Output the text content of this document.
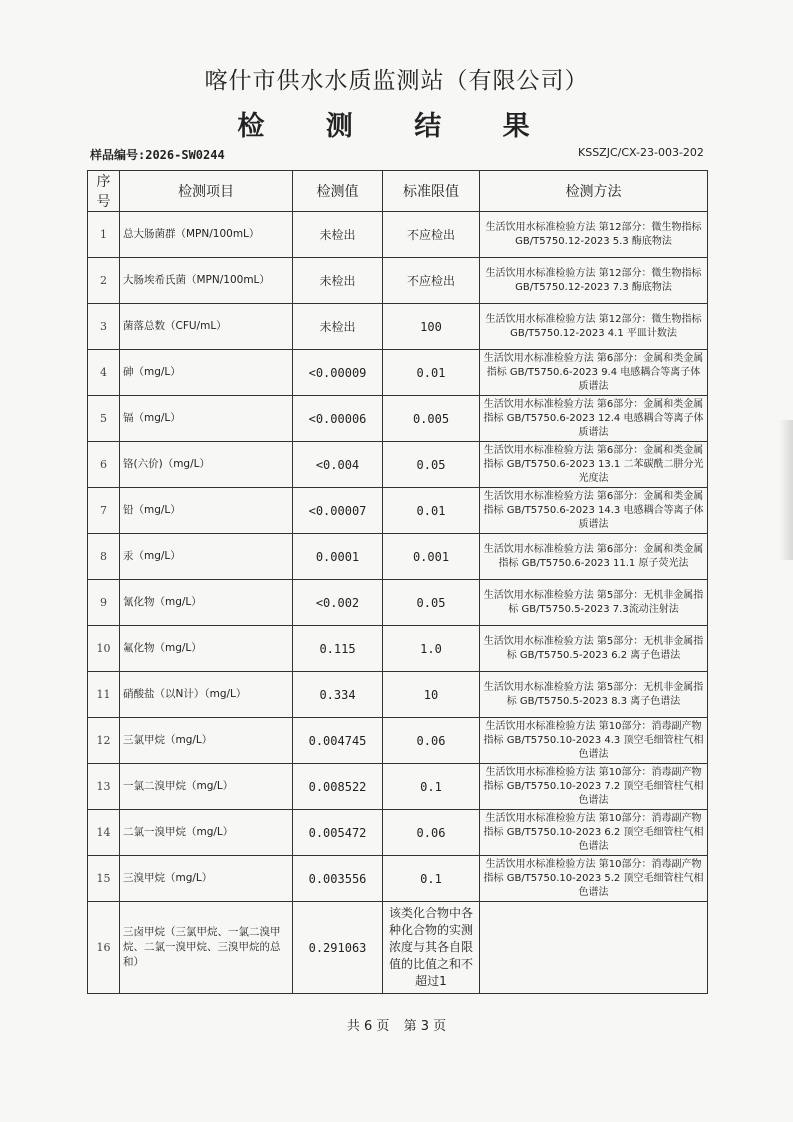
喀什市供水水质监测站（有限公司）
检 测 结 果
样品编号:2026-SW0244	KSSZJC/CX-23-003-202
序号	检测项目	检测值	标准限值	检测方法
1	总大肠菌群（MPN/100mL）	未检出	不应检出	生活饮用水标准检验方法 第12部分：微生物指标 GB/T5750.12-2023 5.3 酶底物法
2	大肠埃希氏菌（MPN/100mL）	未检出	不应检出	生活饮用水标准检验方法 第12部分：微生物指标 GB/T5750.12-2023 7.3 酶底物法
3	菌落总数（CFU/mL）	未检出	100	生活饮用水标准检验方法 第12部分：微生物指标GB/T5750.12-2023 4.1 平皿计数法
4	砷（mg/L）	<0.00009	0.01	生活饮用水标准检验方法 第6部分：金属和类金属指标 GB/T5750.6-2023 9.4 电感耦合等离子体质谱法
5	镉（mg/L）	<0.00006	0.005	生活饮用水标准检验方法 第6部分：金属和类金属指标 GB/T5750.6-2023 12.4 电感耦合等离子体质谱法
6	铬(六价)（mg/L）	<0.004	0.05	生活饮用水标准检验方法 第6部分：金属和类金属指标 GB/T5750.6-2023 13.1 二苯碳酰二肼分光光度法
7	铅（mg/L）	<0.00007	0.01	生活饮用水标准检验方法 第6部分：金属和类金属指标 GB/T5750.6-2023 14.3 电感耦合等离子体质谱法
8	汞（mg/L）	0.0001	0.001	生活饮用水标准检验方法 第6部分：金属和类金属指标 GB/T5750.6-2023 11.1 原子荧光法
9	氰化物（mg/L）	<0.002	0.05	生活饮用水标准检验方法 第5部分：无机非金属指标 GB/T5750.5-2023 7.3流动注射法
10	氟化物（mg/L）	0.115	1.0	生活饮用水标准检验方法 第5部分：无机非金属指标 GB/T5750.5-2023 6.2 离子色谱法
11	硝酸盐（以N计）（mg/L）	0.334	10	生活饮用水标准检验方法 第5部分：无机非金属指标 GB/T5750.5-2023 8.3 离子色谱法
12	三氯甲烷（mg/L）	0.004745	0.06	生活饮用水标准检验方法 第10部分：消毒副产物指标 GB/T5750.10-2023 4.3 顶空毛细管柱气相色谱法
13	一氯二溴甲烷（mg/L）	0.008522	0.1	生活饮用水标准检验方法 第10部分：消毒副产物指标 GB/T5750.10-2023 7.2 顶空毛细管柱气相色谱法
14	二氯一溴甲烷（mg/L）	0.005472	0.06	生活饮用水标准检验方法 第10部分：消毒副产物指标 GB/T5750.10-2023 6.2 顶空毛细管柱气相色谱法
15	三溴甲烷（mg/L）	0.003556	0.1	生活饮用水标准检验方法 第10部分：消毒副产物指标 GB/T5750.10-2023 5.2 顶空毛细管柱气相色谱法
16	三卤甲烷（三氯甲烷、一氯二溴甲烷、二氯一溴甲烷、三溴甲烷的总和）	0.291063	该类化合物中各种化合物的实测浓度与其各自限值的比值之和不超过1	
共 6 页 第 3 页
